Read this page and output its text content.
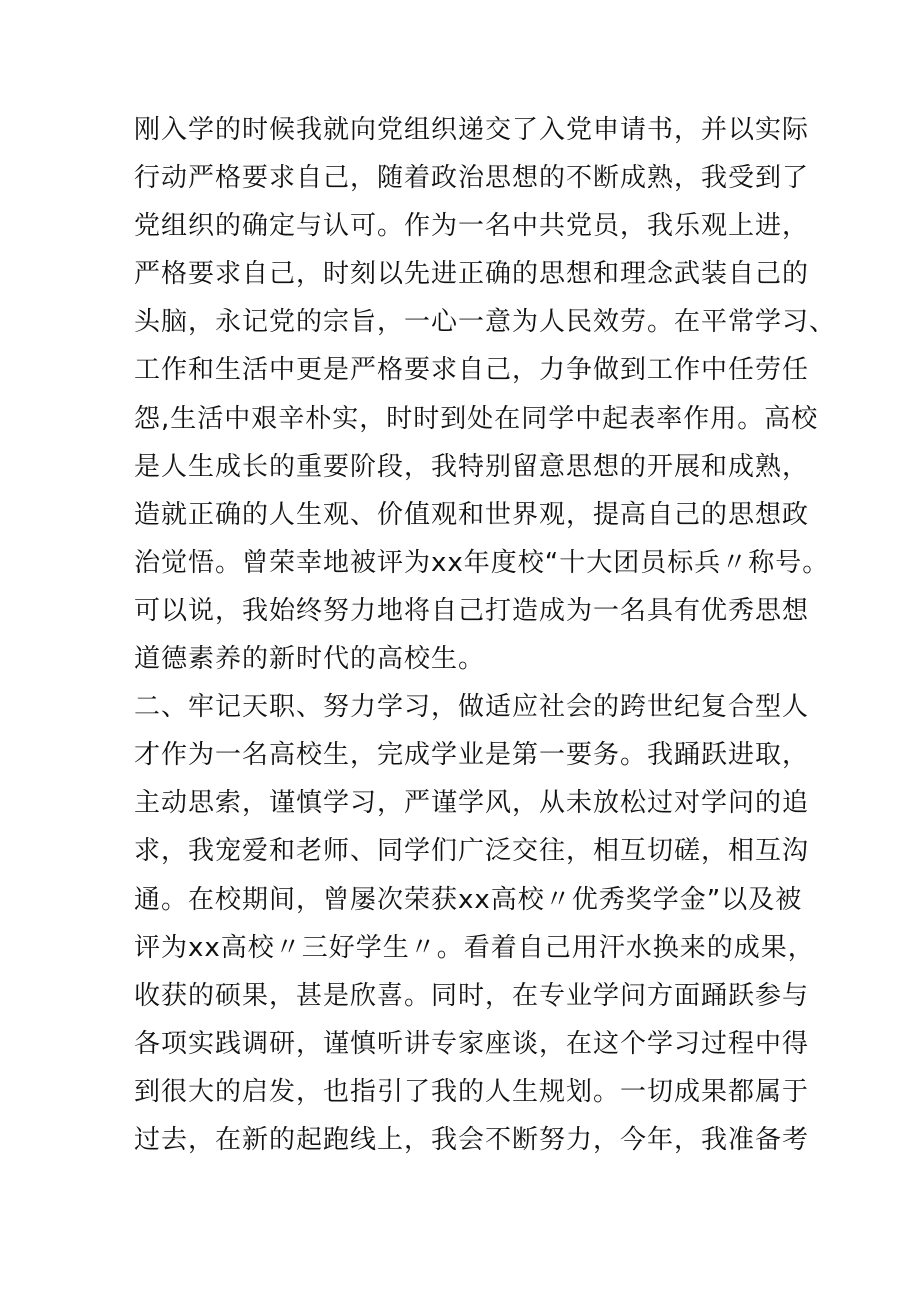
刚入学的时候我就向党组织递交了入党申请书，并以实际
行动严格要求自己，随着政治思想的不断成熟，我受到了
党组织的确定与认可。作为一名中共党员，我乐观上进，
严格要求自己，时刻以先进正确的思想和理念武装自己的
头脑，永记党的宗旨，一心一意为人民效劳。在平常学习、
工作和生活中更是严格要求自己，力争做到工作中任劳任
怨,生活中艰辛朴实，时时到处在同学中起表率作用。高校
是人生成长的重要阶段，我特别留意思想的开展和成熟，
造就正确的人生观、价值观和世界观，提高自己的思想政
治觉悟。曾荣幸地被评为xx年度校“十大团员标兵〃称号。
可以说，我始终努力地将自己打造成为一名具有优秀思想
道德素养的新时代的高校生。
二、牢记天职、努力学习，做适应社会的跨世纪复合型人
才作为一名高校生，完成学业是第一要务。我踊跃进取，
主动思索，谨慎学习，严谨学风，从未放松过对学问的追
求，我宠爱和老师、同学们广泛交往，相互切磋，相互沟
通。在校期间，曾屡次荣获xx高校〃优秀奖学金”以及被
评为xx高校〃三好学生〃。看着自己用汗水换来的成果，
收获的硕果，甚是欣喜。同时，在专业学问方面踊跃参与
各项实践调研，谨慎听讲专家座谈，在这个学习过程中得
到很大的启发，也指引了我的人生规划。一切成果都属于
过去，在新的起跑线上，我会不断努力，今年，我准备考
